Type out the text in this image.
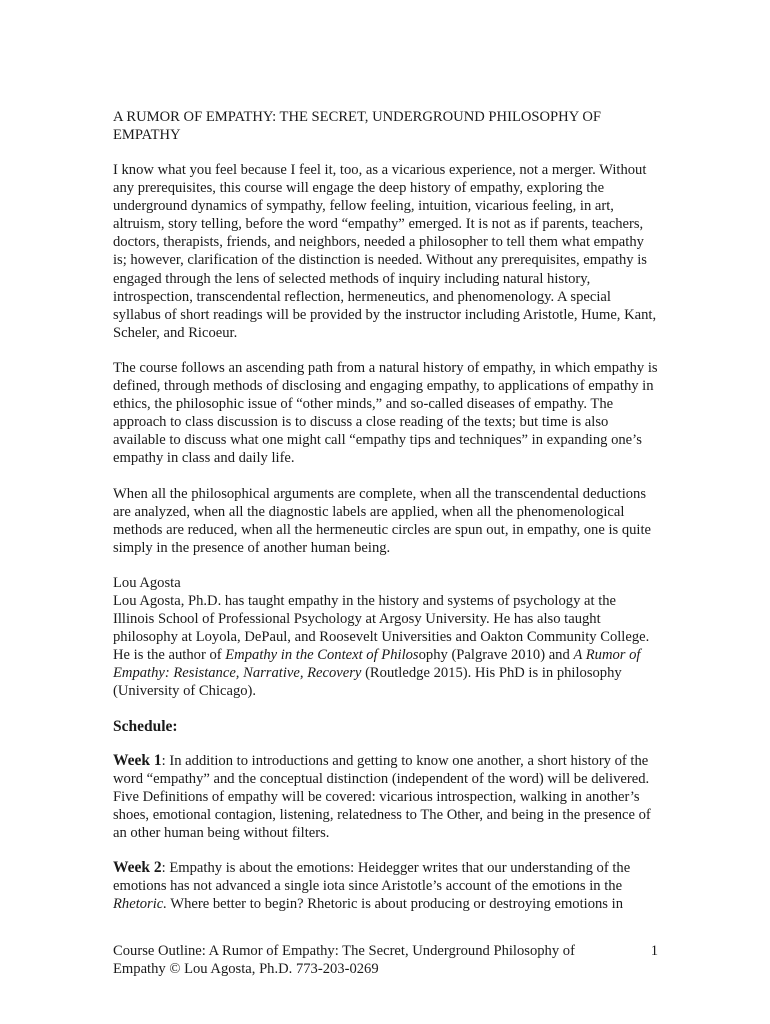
A RUMOR OF EMPATHY: THE SECRET, UNDERGROUND PHILOSOPHY OF EMPATHY
I know what you feel because I feel it, too, as a vicarious experience, not a merger. Without any prerequisites, this course will engage the deep history of empathy, exploring the underground dynamics of sympathy, fellow feeling, intuition, vicarious feeling, in art, altruism, story telling, before the word “empathy” emerged. It is not as if parents, teachers, doctors, therapists, friends, and neighbors, needed a philosopher to tell them what empathy is; however, clarification of the distinction is needed. Without any prerequisites, empathy is engaged through the lens of selected methods of inquiry including natural history, introspection, transcendental reflection, hermeneutics, and phenomenology. A special syllabus of short readings will be provided by the instructor including Aristotle, Hume, Kant, Scheler, and Ricoeur.
The course follows an ascending path from a natural history of empathy, in which empathy is defined, through methods of disclosing and engaging empathy, to applications of empathy in ethics, the philosophic issue of “other minds,” and so-called diseases of empathy. The approach to class discussion is to discuss a close reading of the texts; but time is also available to discuss what one might call “empathy tips and techniques” in expanding one’s empathy in class and daily life.
When all the philosophical arguments are complete, when all the transcendental deductions are analyzed, when all the diagnostic labels are applied, when all the phenomenological methods are reduced, when all the hermeneutic circles are spun out, in empathy, one is quite simply in the presence of another human being.

Lou Agosta

Lou Agosta, Ph.D. has taught empathy in the history and systems of psychology at the Illinois School of Professional Psychology at Argosy University. He has also taught philosophy at Loyola, DePaul, and Roosevelt Universities and Oakton Community College. He is the author of Empathy in the Context of Philosophy (Palgrave 2010) and A Rumor of Empathy: Resistance, Narrative, Recovery (Routledge 2015). His PhD is in philosophy (University of Chicago).

Schedule:
Week 1: In addition to introductions and getting to know one another, a short history of the word “empathy” and the conceptual distinction (independent of the word) will be delivered. Five Definitions of empathy will be covered: vicarious introspection, walking in another’s shoes, emotional contagion, listening, relatedness to The Other, and being in the presence of an other human being without filters.
Week 2: Empathy is about the emotions: Heidegger writes that our understanding of the emotions has not advanced a single iota since Aristotle’s account of the emotions in the Rhetoric. Where better to begin? Rhetoric is about producing or destroying emotions in
Course Outline: A Rumor of Empathy: The Secret, Underground Philosophy of Empathy © Lou Agosta, Ph.D. 773-203-0269
1
